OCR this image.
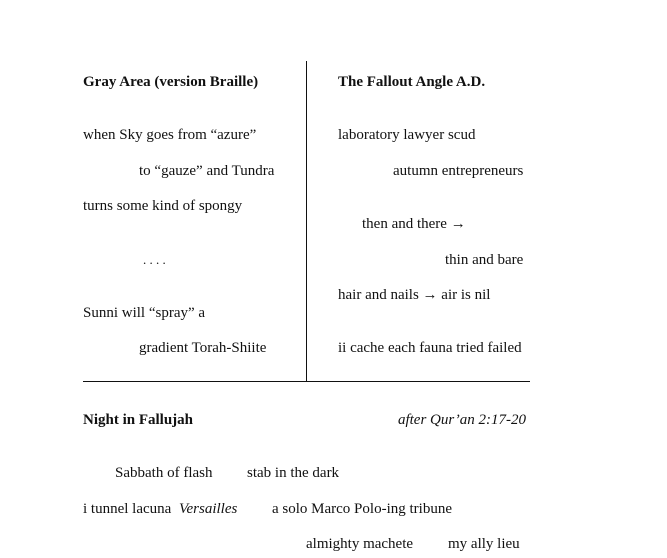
Gray Area (version Braille)
when Sky goes from “azure”
to “gauze” and Tundra
turns some kind of spongy
. . . .
Sunni will “spray” a
gradient Torah-Shiite
The Fallout Angle A.D.
laboratory lawyer scud
autumn entrepreneurs
then and there →
thin and bare
hair and nails → air is nil
ii cache each fauna tried failed
Night in Fallujah	after Qur’an 2:17-20
Sabbath of flash stab in the dark
i tunnel lacuna Versailles a solo Marco Polo-ing tribune
almighty machete my ally lieu
